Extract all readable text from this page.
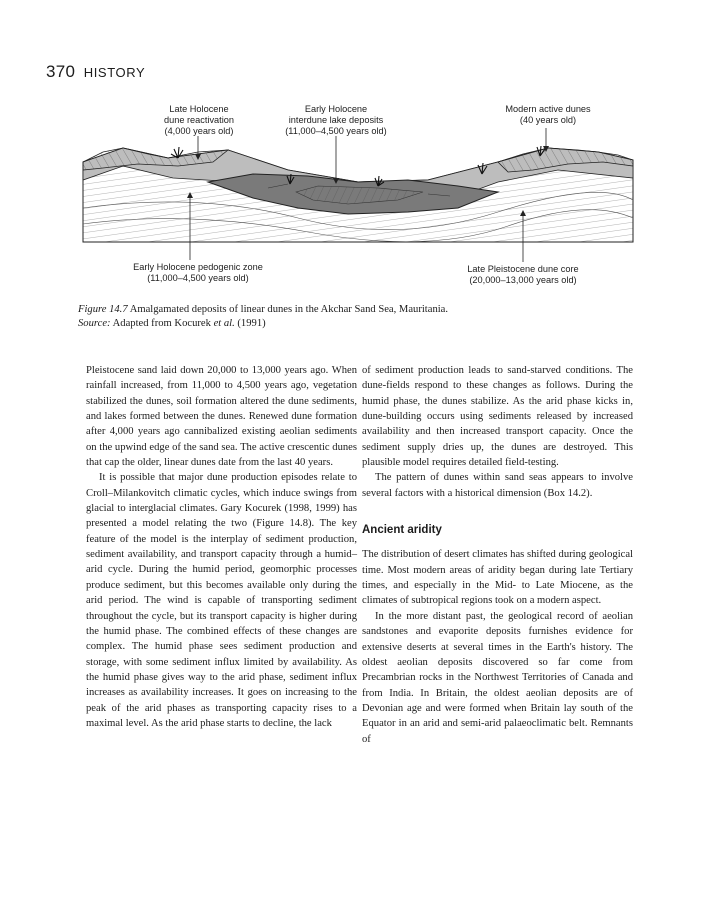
370 HISTORY
Late Holocene
dune reactivation
(4,000 years old)
Early Holocene
interdune lake deposits
(11,000–4,500 years old)
Modern active dunes
(40 years old)
Early Holocene pedogenic zone
(11,000–4,500 years old)
Late Pleistocene dune core
(20,000–13,000 years old)
Figure 14.7 Amalgamated deposits of linear dunes in the Akchar Sand Sea, Mauritania.
Source: Adapted from Kocurek et al. (1991)

Pleistocene sand laid down 20,000 to 13,000 years ago. When rainfall increased, from 11,000 to 4,500 years ago, vegetation stabilized the dunes, soil formation altered the dune sediments, and lakes formed between the dunes. Renewed dune formation after 4,000 years ago cannibalized existing aeolian sediments on the upwind edge of the sand sea. The active crescentic dunes that cap the older, linear dunes date from the last 40 years.

It is possible that major dune production episodes relate to Croll–Milankovitch climatic cycles, which induce swings from glacial to interglacial climates. Gary Kocurek (1998, 1999) has presented a model relating the two (Figure 14.8). The key feature of the model is the interplay of sediment production, sediment availability, and transport capacity through a humid–arid cycle. During the humid period, geomorphic processes produce sediment, but this becomes available only during the arid period. The wind is capable of transporting sediment throughout the cycle, but its transport capacity is higher during the humid phase. The combined effects of these changes are complex. The humid phase sees sediment production and storage, with some sediment influx limited by availability. As the humid phase gives way to the arid phase, sediment influx increases as availability increases. It goes on increasing to the peak of the arid phases as transporting capacity rises to a maximal level. As the arid phase starts to decline, the lack

of sediment production leads to sand-starved conditions. The dune-fields respond to these changes as follows. During the humid phase, the dunes stabilize. As the arid phase kicks in, dune-building occurs using sediments released by increased availability and then increased transport capacity. Once the sediment supply dries up, the dunes are destroyed. This plausible model requires detailed field-testing.

The pattern of dunes within sand seas appears to involve several factors with a historical dimension (Box 14.2).

Ancient aridity

The distribution of desert climates has shifted during geological time. Most modern areas of aridity began during late Tertiary times, and especially in the Mid- to Late Miocene, as the climates of subtropical regions took on a modern aspect.

In the more distant past, the geological record of aeolian sandstones and evaporite deposits furnishes evidence for extensive deserts at several times in the Earth's history. The oldest aeolian deposits discovered so far come from Precambrian rocks in the Northwest Territories of Canada and from India. In Britain, the oldest aeolian deposits are of Devonian age and were formed when Britain lay south of the Equator in an arid and semi-arid palaeoclimatic belt. Remnants of
